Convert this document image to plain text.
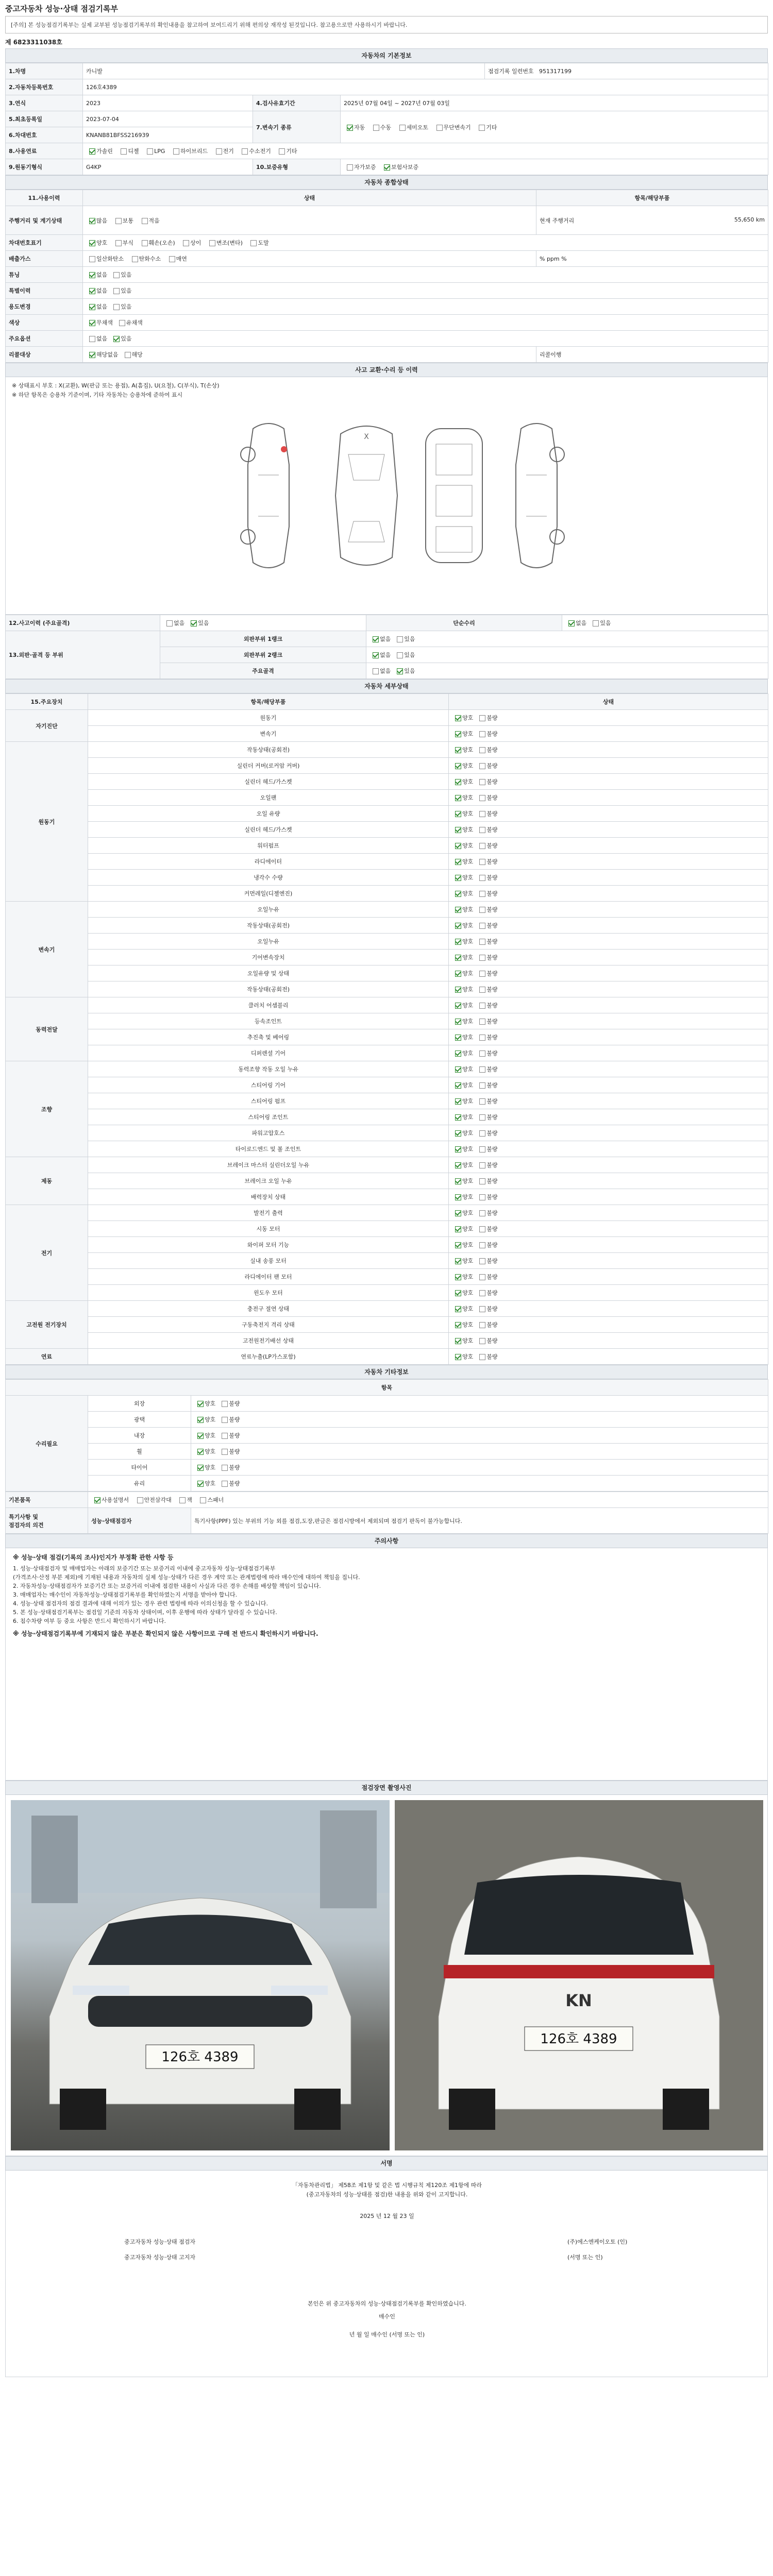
중고자동차 성능·상태 점검기록부
[주의] 본 성능점검기록부는 실제 교부된 성능점검기록부의 확인내용을 참고하여 보여드리기 위해 편의상 재작성 된것입니다. 참고용으로만 사용하시기 바랍니다.
제 6823311038호
자동차의 기본정보
1.차명	카니발			점검기록 일련번호 951317199
2.자동차등록번호	126호4389			
3.연식	2023	4.검사유효기간	2025년 07월 04일 ~ 2027년 07월 03일	
5.최초등록일	2023-07-04	7.변속기 종류	자동 수동 세미오토 무단변속기 기타	
6.차대번호	KNANB81BFSS216939			
8.사용연료	가솔린 디젤 LPG 하이브리드 전기 수소전기 기타			
9.원동기형식	G4KP	10.보증유형	자가보증 보험사보증	
자동차 종합상태
11.사용이력	상태	항목/해당부품
주행거리 및 계기상태	많음 보통 적음	현재 주행거리 55,650 km

차대번호표기	양호 부식 훼손(오손) 상이 변조(변타) 도말	
배출가스	일산화탄소 탄화수소 매연	% ppm %
튜닝	없음 있음	
특별이력	없음 있음	
용도변경	없음 있음	
색상	무채색 유채색	
주요옵션	없음 있음	
리콜대상	해당없음 해당	리콜이행
사고 교환·수리 등 이력
※ 상태표시 부호 : X(교환), W(판금 또는 용접), A(흠집), U(요철), C(부식), T(손상)
※ 하단 항목은 승용차 기준이며, 기타 자동차는 승용차에 준하여 표시
X
12.사고이력 (주요골격)	없음 있음	단순수리	없음 있음
13.외판·골격 등 부위	외판부위 1랭크	없음 있음	
	외판부위 2랭크	없음 있음	
	주요골격	없음 있음	
자동차 세부상태
15.주요장치	항목/해당부품	상태
자기진단	원동기	양호 불량
	변속기	양호 불량
원동기	작동상태(공회전)	양호 불량
	실린더 커버(로커암 커버)	양호 불량
	실린더 헤드/가스켓	양호 불량
	오일팬	양호 불량
	오일 유량	양호 불량
	실린더 헤드/가스켓	양호 불량
	워터펌프	양호 불량
	라디에이터	양호 불량
	냉각수 수량	양호 불량
	커먼레일(디젤엔진)	양호 불량
변속기	오일누유	양호 불량
	작동상태(공회전)	양호 불량
	오일누유	양호 불량
	기어변속장치	양호 불량
	오일유량 및 상태	양호 불량
	작동상태(공회전)	양호 불량
동력전달	클러치 어셈블리	양호 불량
	등속조인트	양호 불량
	추진축 및 베어링	양호 불량
	디퍼렌셜 기어	양호 불량
조향	동력조향 작동 오일 누유	양호 불량
	스티어링 기어	양호 불량
	스티어링 펌프	양호 불량
	스티어링 조인트	양호 불량
	파워고압호스	양호 불량
	타이로드엔드 및 볼 조인트	양호 불량
제동	브레이크 마스터 실린더오일 누유	양호 불량
	브레이크 오일 누유	양호 불량
	배력장치 상태	양호 불량
전기	발전기 출력	양호 불량
	시동 모터	양호 불량
	와이퍼 모터 기능	양호 불량
	실내 송풍 모터	양호 불량
	라디에이터 팬 모터	양호 불량
	윈도우 모터	양호 불량
고전원 전기장치	충전구 절연 상태	양호 불량
	구동축전지 격리 상태	양호 불량
	고전원전기배선 상태	양호 불량
연료	연료누출(LP가스포함)	양호 불량
자동차 기타정보
항목		
수리필요	외장	양호 불량
	광택	양호 불량
	내장	양호 불량
	휠	양호 불량
	타이어	양호 불량
	유리	양호 불량
기본품목	사용설명서 안전삼각대 잭 스패너	
특기사항 및
점검자의 의견	성능·상태점검자	특기사항(PPF) 있는 부위의 기능 외를 점검,도장,판금은 점검시방에서 제외되며 점검기 판독이 불가능합니다.
주의사항
※ 성능·상태 점검(기록의 조사)인지가 부정확 관한 사항 등
1. 성능·상태점검자 및 매매업자는 아래의 보증기간 또는 보증거리 이내에 중고자동차 성능·상태점검기록부
(가격조사·산정 부분 제외)에 기재된 내용과 자동차의 실제 성능·상태가 다른 경우 계약 또는 관계법령에 따라 매수인에 대하여 책임을 집니다.
2. 자동차성능·상태점검자가 보증기간 또는 보증거리 이내에 점검한 내용이 사실과 다른 경우 손해를 배상할 책임이 있습니다.
3. 매매업자는 매수인이 자동차성능·상태점검기록부를 확인하였는지 서명을 받아야 합니다.
4. 성능·상태 점검자의 점검 결과에 대해 이의가 있는 경우 관련 법령에 따라 이의신청을 할 수 있습니다.
5. 본 성능·상태점검기록부는 점검일 기준의 자동차 상태이며, 이후 운행에 따라 상태가 달라질 수 있습니다.
6. 침수차량 여부 등 중요 사항은 반드시 확인하시기 바랍니다.
※ 성능·상태점검기록부에 기재되지 않은 부분은 확인되지 않은 사항이므로 구매 전 반드시 확인하시기 바랍니다.
점검장면 촬영사진
126호 4389
KN
126호 4389
서명
「자동차관리법」 제58조 제1항 및 같은 법 시행규칙 제120조 제1항에 따라
(중고자동차의 성능·상태를 점검)한 내용을 위와 같이 고지합니다.
2025 년 12 월 23 일
중고자동차 성능·상태 점검자	(주)에스엔케이오토 (인)
중고자동차 성능·상태 고지자	(서명 또는 인)
본인은 위 중고자동차의 성능·상태점검기록부를 확인하였습니다.
매수인
년 월 일 매수인 (서명 또는 인)
